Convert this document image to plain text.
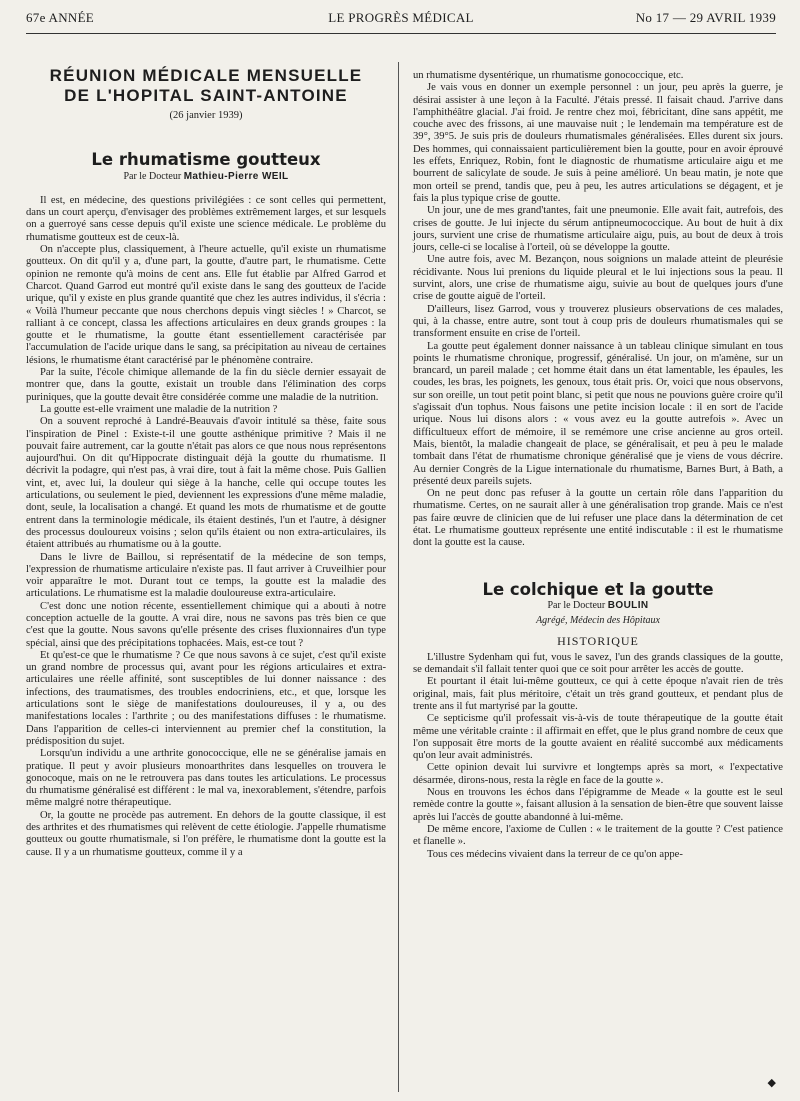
67e ANNÉE	LE PROGRÈS MÉDICAL	No 17 — 29 AVRIL 1939
RÉUNION MÉDICALE MENSUELLE
DE L'HOPITAL SAINT-ANTOINE
(26 janvier 1939)
Le rhumatisme goutteux
Par le Docteur Mathieu-Pierre WEIL

Il est, en médecine, des questions privilégiées : ce sont celles qui permettent, dans un court aperçu, d'envisager des problèmes extrêmement larges, et sur lesquels on a guerroyé sans cesse depuis qu'il existe une science médicale. Le problème du rhumatisme goutteux est de ceux-là.

On n'accepte plus, classiquement, à l'heure actuelle, qu'il existe un rhumatisme goutteux. On dit qu'il y a, d'une part, la goutte, d'autre part, le rhumatisme. Cette opinion ne remonte qu'à moins de cent ans. Elle fut établie par Alfred Garrod et Charcot. Quand Garrod eut montré qu'il existe dans le sang des goutteux de l'acide urique, qu'il y existe en plus grande quantité que chez les autres individus, il s'écria : « Voilà l'humeur peccante que nous cherchons depuis vingt siècles ! » Charcot, se ralliant à ce concept, classa les affections articulaires en deux grands groupes : la goutte et le rhumatisme, la goutte étant essentiellement caractérisée par l'accumulation de l'acide urique dans le sang, sa précipitation au niveau de certaines lésions, le rhumatisme étant caractérisé par le phénomène contraire.

Par la suite, l'école chimique allemande de la fin du siècle dernier essayait de montrer que, dans la goutte, existait un trouble dans l'élimination des corps puriniques, que la goutte devait être considérée comme une maladie de la nutrition.

La goutte est-elle vraiment une maladie de la nutrition ?

On a souvent reproché à Landré-Beauvais d'avoir intitulé sa thèse, faite sous l'inspiration de Pinel : Existe-t-il une goutte asthénique primitive ? Mais il ne pouvait faire autrement, car la goutte n'était pas alors ce que nous nous représentons aujourd'hui. On dit qu'Hippocrate distinguait déjà la goutte du rhumatisme. Il décrivit la podagre, qui n'est pas, à vrai dire, tout à fait la même chose. Puis Gallien vint, et, avec lui, la douleur qui siège à la hanche, celle qui occupe toutes les articulations, ou seulement le pied, deviennent les expressions d'une même maladie, dont, seule, la localisation a changé. Et quand les mots de rhumatisme et de goutte entrent dans la terminologie médicale, ils étaient destinés, l'un et l'autre, à désigner des processus douloureux voisins ; selon qu'ils étaient ou non extra-articulaires, ils étaient attribués au rhumatisme ou à la goutte.

Dans le livre de Baillou, si représentatif de la médecine de son temps, l'expression de rhumatisme articulaire n'existe pas. Il faut arriver à Cruveilhier pour voir apparaître le mot. Durant tout ce temps, la goutte est la maladie des articulations. Le rhumatisme est la maladie douloureuse extra-articulaire.

C'est donc une notion récente, essentiellement chimique qui a abouti à notre conception actuelle de la goutte. A vrai dire, nous ne savons pas très bien ce que c'est que la goutte. Nous savons qu'elle présente des crises fluxionnaires d'un type spécial, ainsi que des précipitations tophacées. Mais, est-ce tout ?

Et qu'est-ce que le rhumatisme ? Ce que nous savons à ce sujet, c'est qu'il existe un grand nombre de processus qui, avant pour les régions articulaires et extra-articulaires une réelle affinité, sont susceptibles de lui donner naissance : des infections, des traumatismes, des troubles endocriniens, etc., et que, lorsque les articulations sont le siège de manifestations douloureuses, il y a, ou des manifestations locales : l'arthrite ; ou des manifestations diffuses : le rhumatisme. Dans l'apparition de celles-ci interviennent au premier chef la constitution, la prédisposition du sujet.

Lorsqu'un individu a une arthrite gonococcique, elle ne se généralise jamais en pratique. Il peut y avoir plusieurs monoarthrites dans lesquelles on trouvera le gonocoque, mais on ne le retrouvera pas dans toutes les articulations. Le processus du rhumatisme généralisé est différent : le mal va, inexorablement, s'étendre, parfois même malgré notre thérapeutique.

Or, la goutte ne procède pas autrement. En dehors de la goutte classique, il est des arthrites et des rhumatismes qui relèvent de cette étiologie. J'appelle rhumatisme goutteux ou goutte rhumatismale, si l'on préfère, le rhumatisme dont la goutte est la cause. Il y a un rhumatisme goutteux, comme il y a

un rhumatisme dysentérique, un rhumatisme gonococcique, etc.

Je vais vous en donner un exemple personnel : un jour, peu après la guerre, je désirai assister à une leçon à la Faculté. J'étais pressé. Il faisait chaud. J'arrive dans l'amphithéâtre glacial. J'ai froid. Je rentre chez moi, fébricitant, dîne sans appétit, me couche avec des frissons, ai une mauvaise nuit ; le lendemain ma température est de 39°, 39°5. Je suis pris de douleurs rhumatismales généralisées. Elles durent six jours. Des hommes, qui connaissaient particulièrement bien la goutte, pour en avoir éprouvé les effets, Enriquez, Robin, font le diagnostic de rhumatisme articulaire aigu et me bourrent de salicylate de soude. Je suis à peine amélioré. Un beau matin, je note que mon orteil se prend, tandis que, peu à peu, les autres articulations se dégagent, et je fais la plus typique crise de goutte.

Un jour, une de mes grand'tantes, fait une pneumonie. Elle avait fait, autrefois, des crises de goutte. Je lui injecte du sérum antipneumococcique. Au bout de huit à dix jours, survient une crise de rhumatisme articulaire aigu, puis, au bout de deux à trois jours, celle-ci se localise à l'orteil, où se développe la goutte.

Une autre fois, avec M. Bezançon, nous soignions un malade atteint de pleurésie récidivante. Nous lui prenions du liquide pleural et le lui injections sous la peau. Il survint, alors, une crise de rhumatisme aigu, suivie au bout de quelques jours d'une crise de goutte aiguë de l'orteil.

D'ailleurs, lisez Garrod, vous y trouverez plusieurs observations de ces malades, qui, à la chasse, entre autre, sont tout à coup pris de douleurs rhumatismales qui se transforment ensuite en crise de l'orteil.

La goutte peut également donner naissance à un tableau clinique simulant en tous points le rhumatisme chronique, progressif, généralisé. Un jour, on m'amène, sur un brancard, un pareil malade ; cet homme était dans un état lamentable, les épaules, les coudes, les bras, les poignets, les genoux, tous était pris. Or, voici que nous observons, sur son oreille, un tout petit point blanc, si petit que nous ne pouvions guère croire qu'il s'agissait d'un tophus. Nous faisons une petite incision locale : il en sort de l'acide urique. Nous lui disons alors : « vous avez eu la goutte autrefois ». Avec un difficultueux effort de mémoire, il se remémore une crise ancienne au gros orteil. Mais, bientôt, la maladie changeait de place, se généralisait, et peu à peu le malade tombait dans l'état de rhumatisme chronique généralisé que je viens de vous décrire. Au dernier Congrès de la Ligue internationale du rhumatisme, Barnes Burt, à Bath, a présenté deux pareils sujets.

On ne peut donc pas refuser à la goutte un certain rôle dans l'apparition du rhumatisme. Certes, on ne saurait aller à une généralisation trop grande. Mais ce n'est pas faire œuvre de clinicien que de lui refuser une place dans la détermination de cet état. Le rhumatisme goutteux représente une entité indiscutable : il est le rhumatisme dont la goutte est la cause.

Le colchique et la goutte
Par le Docteur BOULIN
Agrégé, Médecin des Hôpitaux
HISTORIQUE

L'illustre Sydenham qui fut, vous le savez, l'un des grands classiques de la goutte, se demandait s'il fallait tenter quoi que ce soit pour arrêter les accès de goutte.

Et pourtant il était lui-même goutteux, ce qui à cette époque n'avait rien de très original, mais, fait plus méritoire, c'était un très grand goutteux, et pendant plus de trente ans il fut martyrisé par la goutte.

Ce septicisme qu'il professait vis-à-vis de toute thérapeutique de la goutte était même une véritable crainte : il affirmait en effet, que le plus grand nombre de ceux que l'on supposait être morts de la goutte avaient en réalité succombé aux médicaments qu'on leur avait administrés.

Cette opinion devait lui survivre et longtemps après sa mort, « l'expectative désarmée, dirons-nous, resta la règle en face de la goutte ».

Nous en trouvons les échos dans l'épigramme de Meade « la goutte est le seul remède contre la goutte », faisant allusion à la sensation de bien-être que souvent laisse après lui l'accès de goutte abandonné à lui-même.

De même encore, l'axiome de Cullen : « le traitement de la goutte ? C'est patience et flanelle ».

Tous ces médecins vivaient dans la terreur de ce qu'on appe-

◆
